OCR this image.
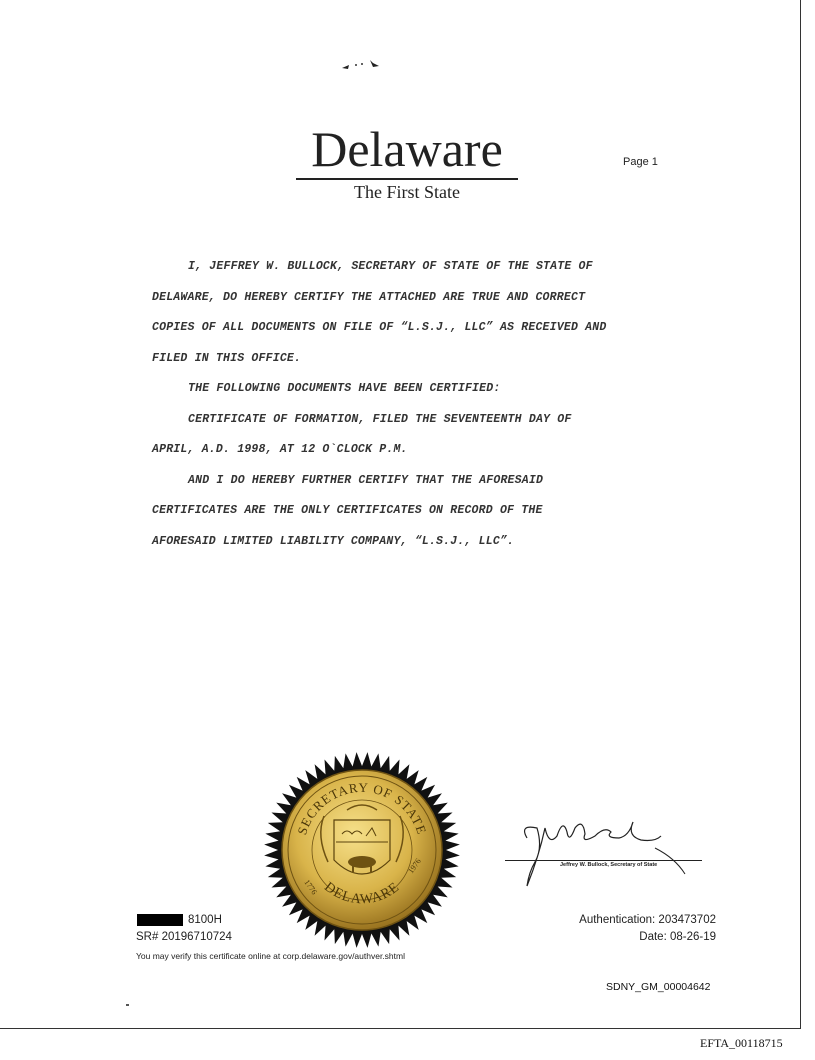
Delaware
The First State
Page 1
I, JEFFREY W. BULLOCK, SECRETARY OF STATE OF THE STATE OF
DELAWARE, DO HEREBY CERTIFY THE ATTACHED ARE TRUE AND CORRECT
COPIES OF ALL DOCUMENTS ON FILE OF “L.S.J., LLC” AS RECEIVED AND
FILED IN THIS OFFICE.
THE FOLLOWING DOCUMENTS HAVE BEEN CERTIFIED:
CERTIFICATE OF FORMATION, FILED THE SEVENTEENTH DAY OF
APRIL, A.D. 1998, AT 12 O`CLOCK P.M.
AND I DO HEREBY FURTHER CERTIFY THAT THE AFORESAID
CERTIFICATES ARE THE ONLY CERTIFICATES ON RECORD OF THE
AFORESAID LIMITED LIABILITY COMPANY, “L.S.J., LLC”.
SECRETARY OF STATE
DELAWARE
1776
1976	Jeffrey W. Bullock, Secretary of State
8100H
SR# 20196710724
You may verify this certificate online at corp.delaware.gov/authver.shtml
Authentication: 203473702
Date: 08-26-19
SDNY_GM_00004642
EFTA_00118715
